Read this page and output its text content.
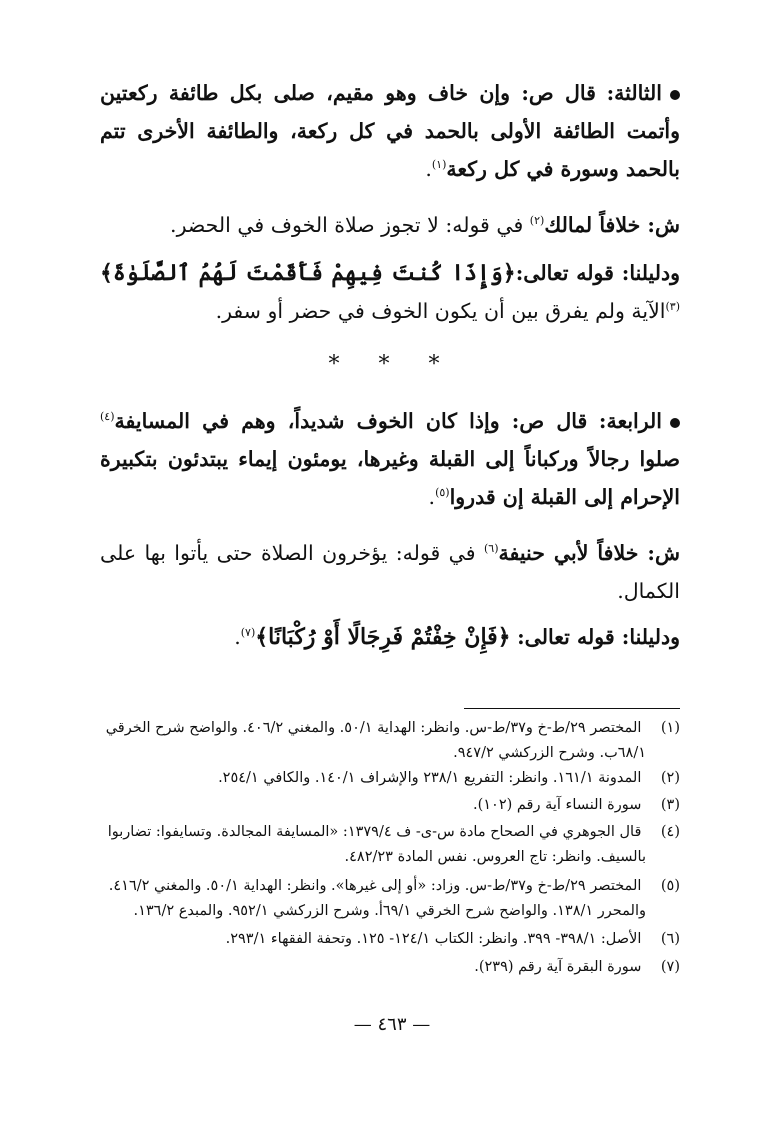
الثالثة: قال ص: وإن خاف وهو مقيم، صلى بكل طائفة ركعتين وأتمت الطائفة الأولى بالحمد في كل ركعة، والطائفة الأخرى تتم بالحمد وسورة في كل ركعة$^{(١)}$.

ش: خلافاً لمالك$^{(٢)}$ في قوله: لا تجوز صلاة الخوف في الحضر.

ودليلنا: قوله تعالى:﴿وَإِذَا كُنتَ فِيهِمْ فَأَقَمْتَ لَهُمُ ٱلصَّلَوٰةَ﴾$^{(٣)}$الآية ولم يفرق بين أن يكون الخوف في حضر أو سفر.

* * *

الرابعة: قال ص: وإذا كان الخوف شديداً، وهم في المسايفة$^{(٤)}$ صلوا رجالاً وركباناً إلى القبلة وغيرها، يومئون إيماء يبتدئون بتكبيرة الإحرام إلى القبلة إن قدروا$^{(٥)}$.

ش: خلافاً لأبي حنيفة$^{(٦)}$ في قوله: يؤخرون الصلاة حتى يأتوا بها على الكمال.

ودليلنا: قوله تعالى: ﴿فَإِنْ خِفْتُمْ فَرِجَالًا أَوْ رُكْبَانًا﴾$^{(٧)}$.

(١) المختصر ٢٩/ط-خ و٣٧/ط-س. وانظر: الهداية ٥٠/١. والمغني ٤٠٦/٢. والواضح شرح الخرقي
٦٨/١ب. وشرح الزركشي ٩٤٧/٢.

(٢) المدونة ١٦١/١. وانظر: التفريع ٢٣٨/١ والإشراف ١٤٠/١. والكافي ٢٥٤/١.

(٣) سورة النساء آية رقم (١٠٢).

(٤) قال الجوهري في الصحاح مادة س-ى- ف ١٣٧٩/٤: «المسايفة المجالدة. وتسايفوا: تضاربوا
بالسيف. وانظر: تاج العروس. نفس المادة ٤٨٢/٢٣.

(٥) المختصر ٢٩/ط-خ و٣٧/ط-س. وزاد: «أو إلى غيرها». وانظر: الهداية ٥٠/١. والمغني ٤١٦/٢.
والمحرر ١٣٨/١. والواضح شرح الخرقي ٦٩/١أ. وشرح الزركشي ٩٥٢/١. والمبدع ١٣٦/٢.

(٦) الأصل: ٣٩٨/١- ٣٩٩. وانظر: الكتاب ١٢٤/١- ١٢٥. وتحفة الفقهاء ٢٩٣/١.

(٧) سورة البقرة آية رقم (٢٣٩).

— ٤٦٣ —
